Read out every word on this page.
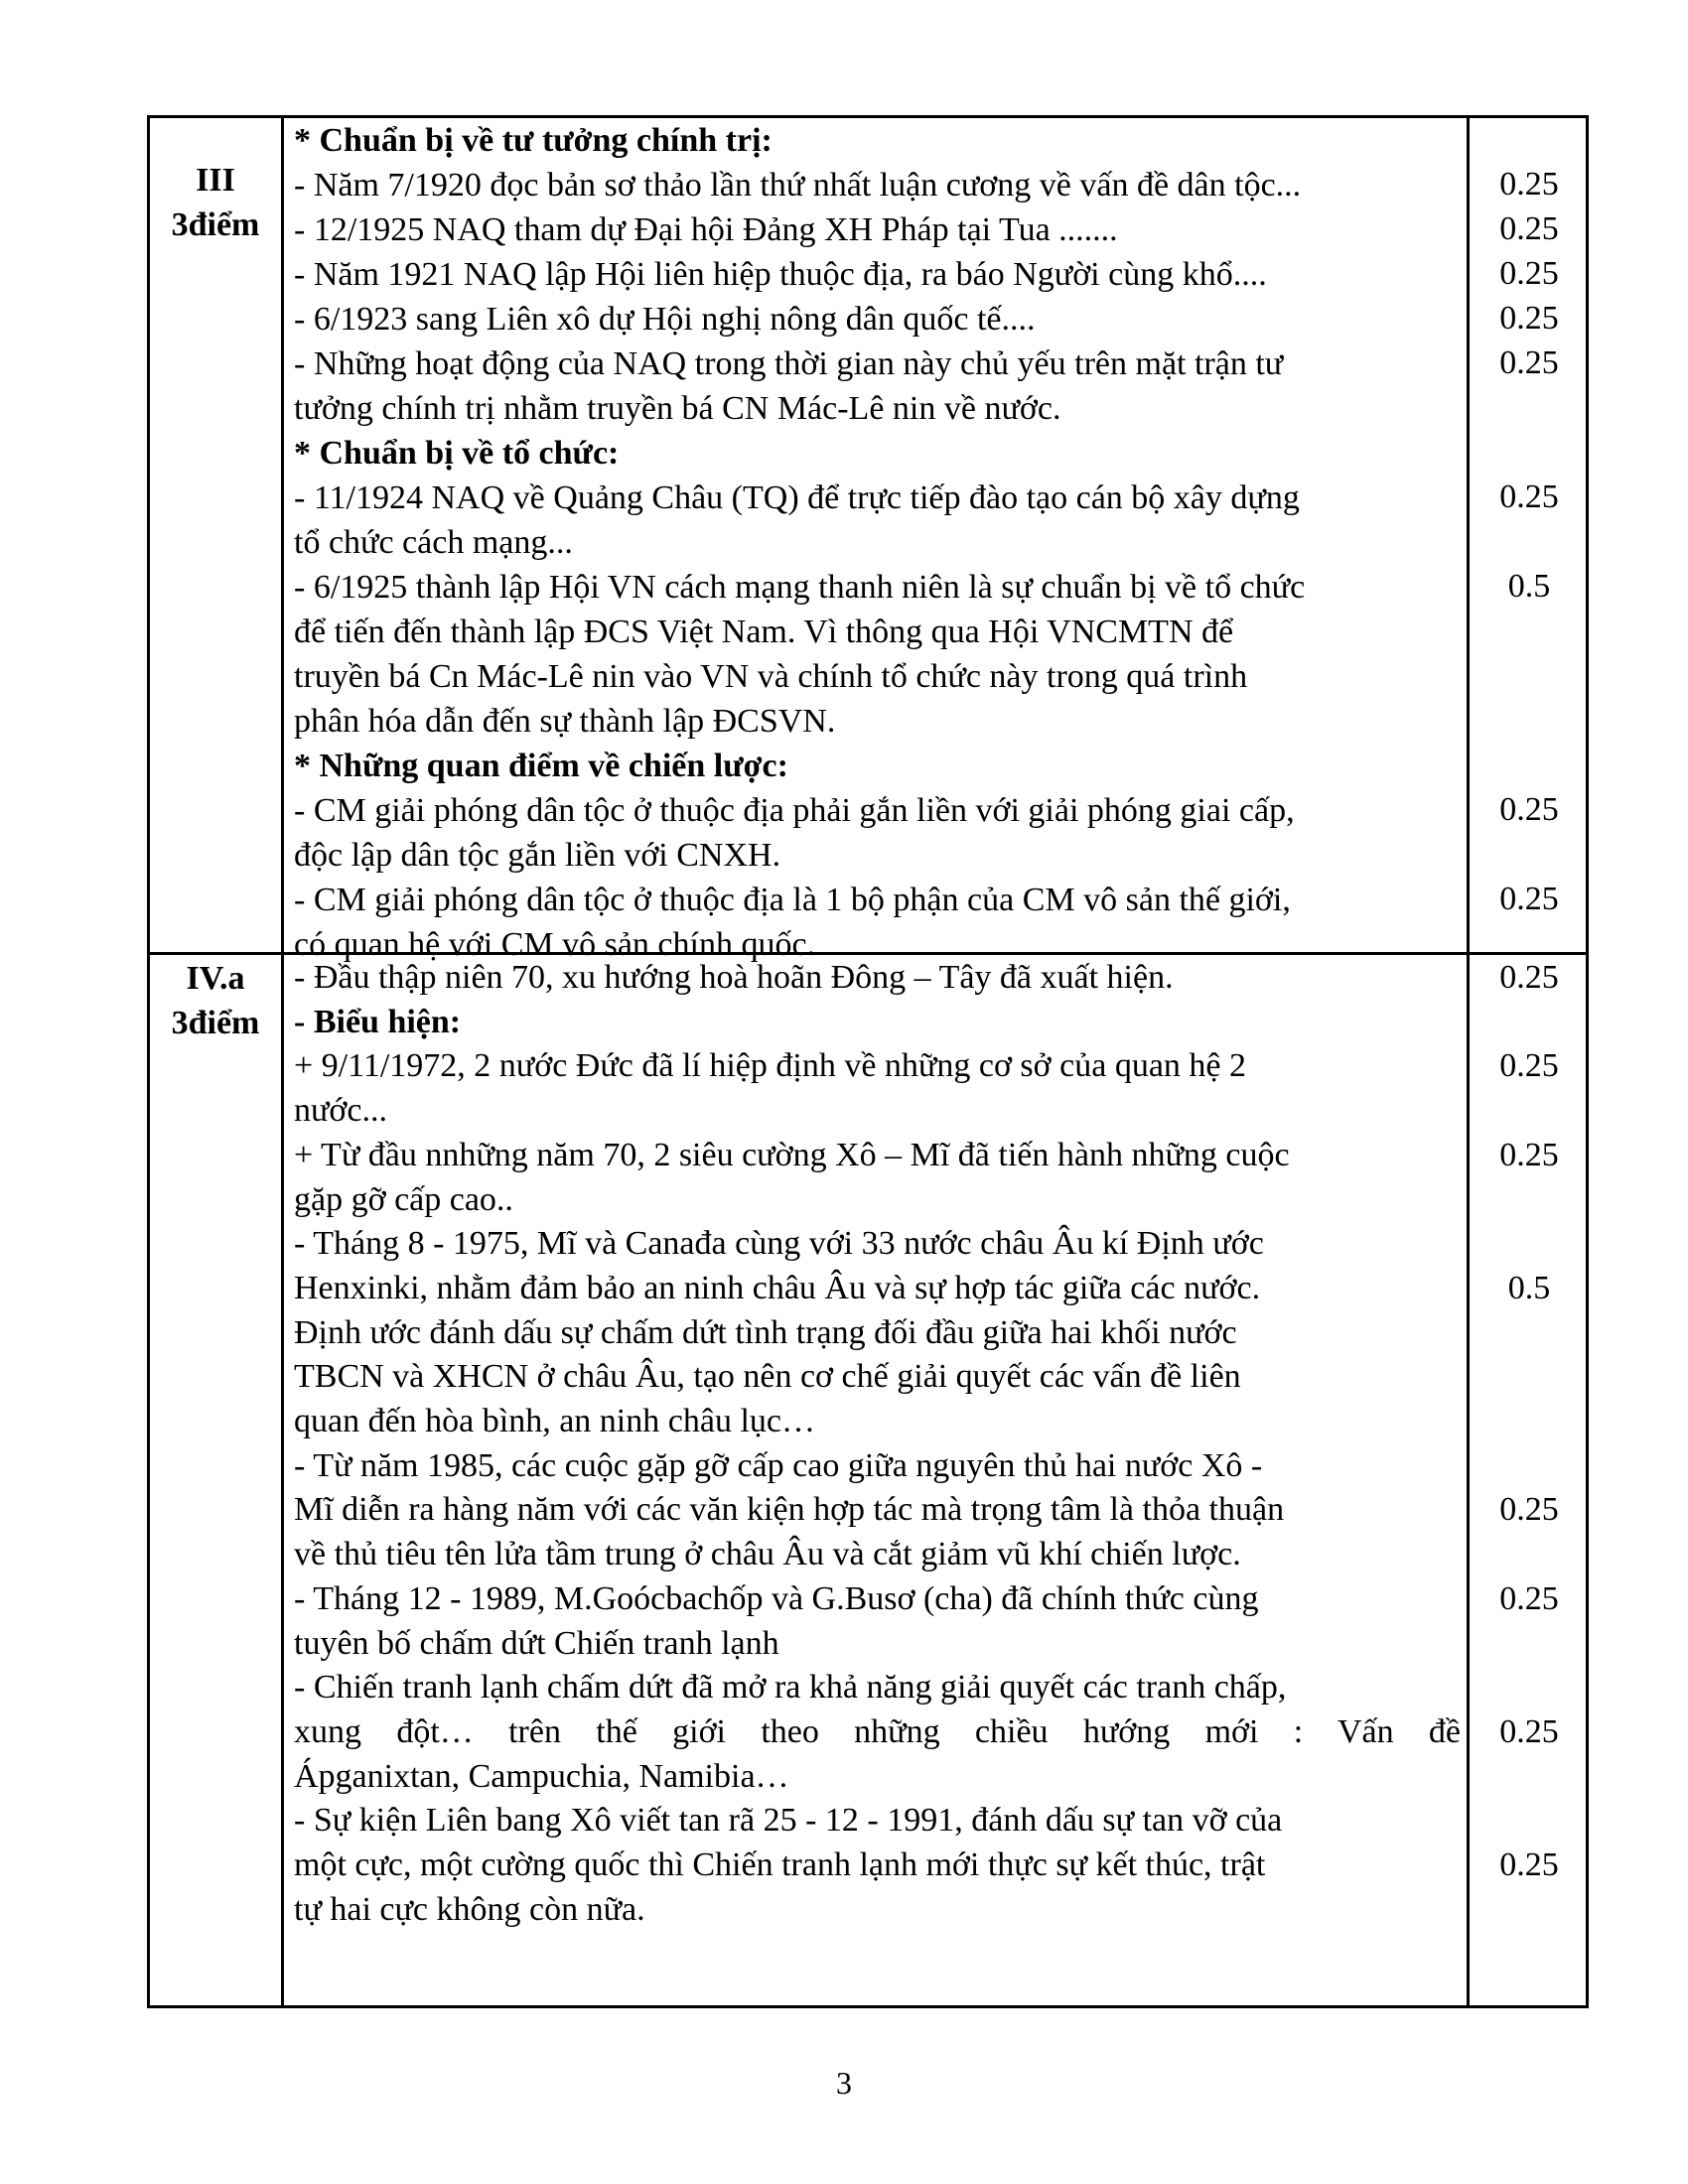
III
3điểm

* Chuẩn bị về tư tưởng chính trị:

- Năm 7/1920 đọc bản sơ thảo lần thứ nhất luận cương về vấn đề dân tộc...

- 12/1925 NAQ tham dự Đại hội Đảng XH Pháp tại Tua .......

- Năm 1921 NAQ lập Hội liên hiệp thuộc địa, ra báo Người cùng khổ....

- 6/1923 sang Liên xô dự Hội nghị nông dân quốc tế....

- Những hoạt động của NAQ trong thời gian này chủ yếu trên mặt trận tư

tưởng chính trị nhằm truyền bá CN Mác-Lê nin về nước.

* Chuẩn bị về tổ chức:

- 11/1924 NAQ về Quảng Châu (TQ) để trực tiếp đào tạo cán bộ xây dựng

tổ chức cách mạng...

- 6/1925 thành lập Hội VN cách mạng thanh niên là sự chuẩn bị về tổ chức

để tiến đến thành lập ĐCS Việt Nam. Vì thông qua Hội VNCMTN để

truyền bá Cn Mác-Lê nin vào VN và chính tổ chức này trong quá trình

phân hóa dẫn đến sự thành lập ĐCSVN.

* Những quan điểm về chiến lược:

- CM giải phóng dân tộc ở thuộc địa phải gắn liền với giải phóng giai cấp,

độc lập dân tộc gắn liền với CNXH.

- CM giải phóng dân tộc ở thuộc địa là 1 bộ phận của CM vô sản thế giới,

có quan hệ với CM vô sản chính quốc.

0.25
0.25
0.25
0.25
0.25
0.25
0.5
0.25
0.25
IV.a
3điểm

- Đầu thập niên 70, xu hướng hoà hoãn Đông – Tây đã xuất hiện.

- Biểu hiện:

+ 9/11/1972, 2 nước Đức đã lí hiệp định về những cơ sở của quan hệ 2

nước...

+ Từ đầu nnhững năm 70, 2 siêu cường Xô – Mĩ đã tiến hành những cuộc

gặp gỡ cấp cao..

- Tháng 8 - 1975, Mĩ và Canađa cùng với 33 nước châu Âu kí Định ước

Henxinki, nhằm đảm bảo an ninh châu Âu và sự hợp tác giữa các nước.

Định ước đánh dấu sự chấm dứt tình trạng đối đầu giữa hai khối nước

TBCN và XHCN ở châu Âu, tạo nên cơ chế giải quyết các vấn đề liên

quan đến hòa bình, an ninh châu lục…

- Từ năm 1985, các cuộc gặp gỡ cấp cao giữa nguyên thủ hai nước Xô -

Mĩ diễn ra hàng năm với các văn kiện hợp tác mà trọng tâm là thỏa thuận

về thủ tiêu tên lửa tầm trung ở châu Âu và cắt giảm vũ khí chiến lược.

- Tháng 12 - 1989, M.Goócbachốp và G.Busơ (cha) đã chính thức cùng

tuyên bố chấm dứt Chiến tranh lạnh

- Chiến tranh lạnh chấm dứt đã mở ra khả năng giải quyết các tranh chấp,

xung đột… trên thế giới theo những chiều hướng mới : Vấn đề

Ápganixtan, Campuchia, Namibia…

- Sự kiện Liên bang Xô viết tan rã 25 - 12 - 1991, đánh dấu sự tan vỡ của

một cực, một cường quốc thì Chiến tranh lạnh mới thực sự kết thúc, trật

tự hai cực không còn nữa.

0.25
0.25
0.25
0.5
0.25
0.25
0.25
0.25
3
